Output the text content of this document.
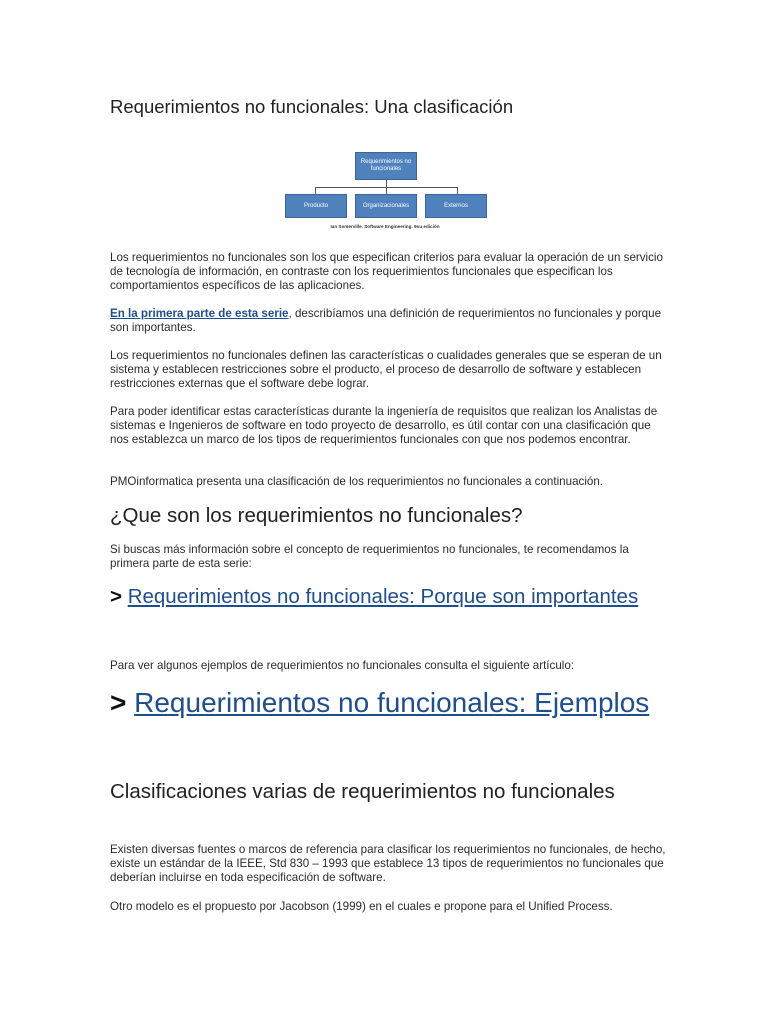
Requerimientos no funcionales: Una clasificación
Requerimientos no funcionales
Producto	Organizacionales	Externos
Ian Somerville. Software Engineering. 9nu edición

Los requerimientos no funcionales son los que especifican criterios para evaluar la operación de un servicio de tecnología de información, en contraste con los requerimientos funcionales que especifican los comportamientos específicos de las aplicaciones.

En la primera parte de esta serie, describíamos una definición de requerimientos no funcionales y porque son importantes.

Los requerimientos no funcionales definen las características o cualidades generales que se esperan de un sistema y establecen restricciones sobre el producto, el proceso de desarrollo de software y establecen restricciones externas que el software debe lograr.

Para poder identificar estas características durante la ingeniería de requisitos que realizan los Analistas de sistemas e Ingenieros de software en todo proyecto de desarrollo, es útil contar con una clasificación que nos establezca un marco de los tipos de requerimientos funcionales con que nos podemos encontrar.

PMOinformatica presenta una clasificación de los requerimientos no funcionales a continuación.

¿Que son los requerimientos no funcionales?

Si buscas más información sobre el concepto de requerimientos no funcionales, te recomendamos la primera parte de esta serie:

> Requerimientos no funcionales: Porque son importantes

Para ver algunos ejemplos de requerimientos no funcionales consulta el siguiente artículo:

> Requerimientos no funcionales: Ejemplos
Clasificaciones varias de requerimientos no funcionales

Existen diversas fuentes o marcos de referencia para clasificar los requerimientos no funcionales, de hecho, existe un estándar de la IEEE, Std 830 – 1993 que establece 13 tipos de requerimientos no funcionales que deberían incluirse en toda especificación de software.

Otro modelo es el propuesto por Jacobson (1999) en el cuales e propone para el Unified Process.
